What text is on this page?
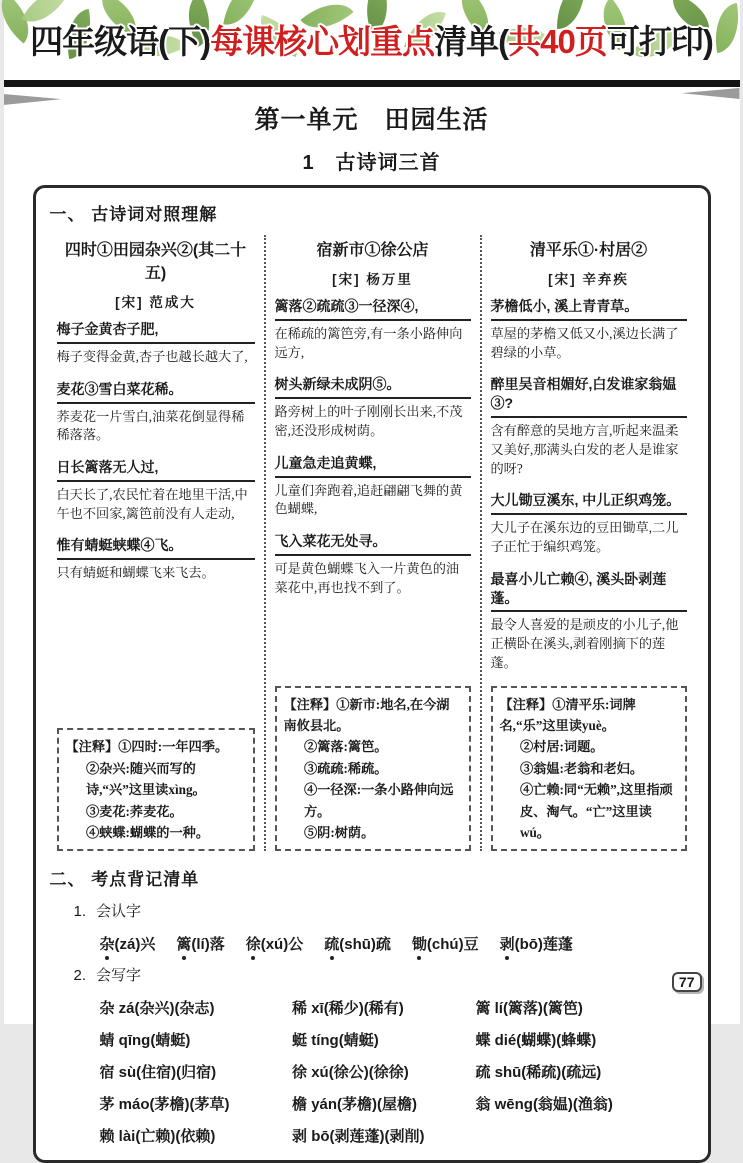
四年级语(下)每课核心划重点清单(共40页可打印)
第一单元　田园生活
1　古诗词三首
一、 古诗词对照理解
四时①田园杂兴②(其二十五)
[宋] 范成大
梅子金黄杏子肥,
梅子变得金黄,杏子也越长越大了,
麦花③雪白菜花稀。
荞麦花一片雪白,油菜花倒显得稀稀落落。
日长篱落无人过,
白天长了,农民忙着在地里干活,中午也不回家,篱笆前没有人走动,
惟有蜻蜓蛱蝶④飞。
只有蜻蜓和蝴蝶飞来飞去。
【注释】①四时:一年四季。
②杂兴:随兴而写的诗,“兴”这里读xìng。
③麦花:荞麦花。
④蛱蝶:蝴蝶的一种。
宿新市①徐公店
[宋] 杨万里
篱落②疏疏③一径深④,
在稀疏的篱笆旁,有一条小路伸向远方,
树头新绿未成阴⑤。
路旁树上的叶子刚刚长出来,不茂密,还没形成树荫。
儿童急走追黄蝶,
儿童们奔跑着,追赶翩翩飞舞的黄色蝴蝶,
飞入菜花无处寻。
可是黄色蝴蝶飞入一片黄色的油菜花中,再也找不到了。
【注释】①新市:地名,在今湖南攸县北。
②篱落:篱笆。
③疏疏:稀疏。
④一径深:一条小路伸向远方。
⑤阴:树荫。
清平乐①·村居②
[宋] 辛弃疾
茅檐低小, 溪上青青草。
草屋的茅檐又低又小,溪边长满了碧绿的小草。
醉里吴音相媚好,白发谁家翁媪③?
含有醉意的吴地方言,听起来温柔又美好,那满头白发的老人是谁家的呀?
大儿锄豆溪东, 中儿正织鸡笼。
大儿子在溪东边的豆田锄草,二儿子正忙于编织鸡笼。
最喜小儿亡赖④, 溪头卧剥莲蓬。
最令人喜爱的是顽皮的小儿子,他正横卧在溪头,剥着刚摘下的莲蓬。
【注释】①清平乐:词牌名,“乐”这里读yuè。
②村居:词题。
③翁媪:老翁和老妇。
④亡赖:同“无赖”,这里指顽皮、淘气。“亡”这里读wú。
二、 考点背记清单
1. 会认字
杂(zá)兴 篱(lí)落 徐(xú)公 疏(shū)疏 锄(chú)豆 剥(bō)莲蓬
2. 会写字
杂 zá(杂兴)(杂志)	稀 xī(稀少)(稀有)	篱 lí(篱落)(篱笆)
蜻 qīng(蜻蜓)	蜓 tíng(蜻蜓)	蝶 dié(蝴蝶)(蜂蝶)
宿 sù(住宿)(归宿)	徐 xú(徐公)(徐徐)	疏 shū(稀疏)(疏远)
茅 máo(茅檐)(茅草)	檐 yán(茅檐)(屋檐)	翁 wēng(翁媪)(渔翁)
赖 lài(亡赖)(依赖)	剥 bō(剥莲蓬)(剥削)
77
